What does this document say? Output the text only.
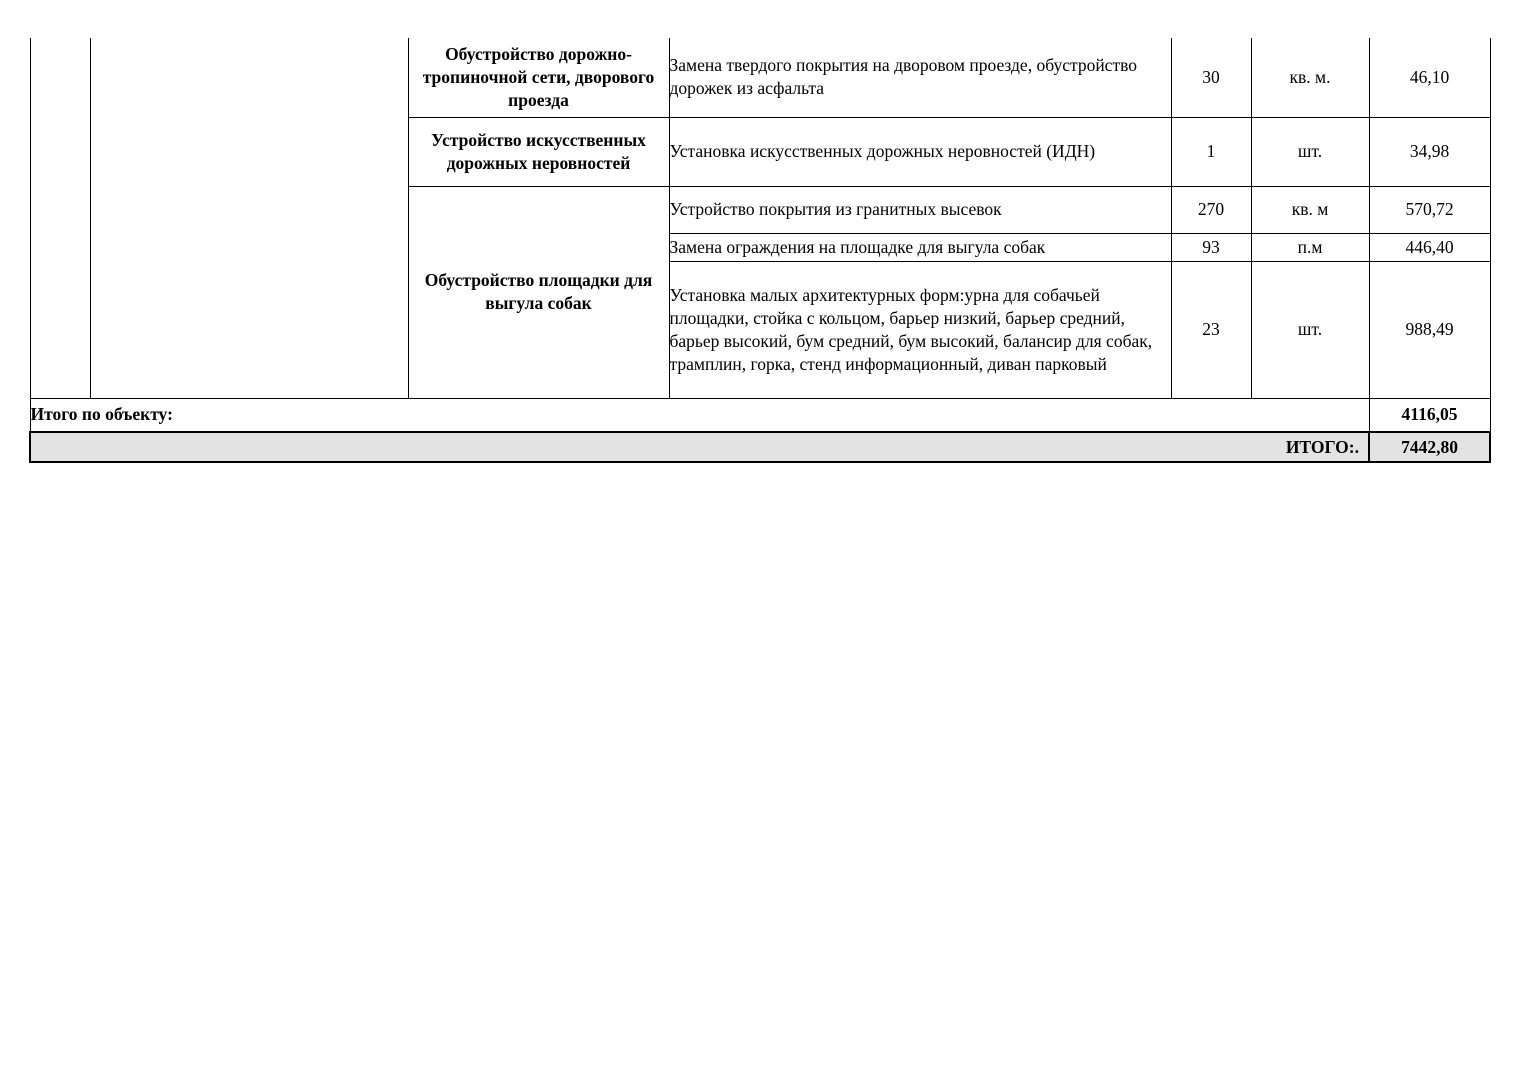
		Обустройство дорожно-тропиночной сети, дворового проезда	Замена твердого покрытия на дворовом проезде, обустройство дорожек из асфальта	30	кв. м.	46,10
		Устройство искусственных дорожных неровностей	Установка искусственных дорожных неровностей (ИДН)	1	шт.	34,98
		Обустройство площадки для выгула собак	Устройство покрытия из гранитных высевок	270	кв. м	570,72
			Замена ограждения на площадке для выгула собак	93	п.м	446,40
			Установка малых архитектурных форм:урна для собачьей площадки, стойка с кольцом, барьер низкий, барьер средний, барьер высокий, бум средний, бум высокий, балансир для собак, трамплин, горка, стенд информационный, диван парковый	23	шт.	988,49
Итого по объекту:						4116,05
ИТОГО:.						7442,80
